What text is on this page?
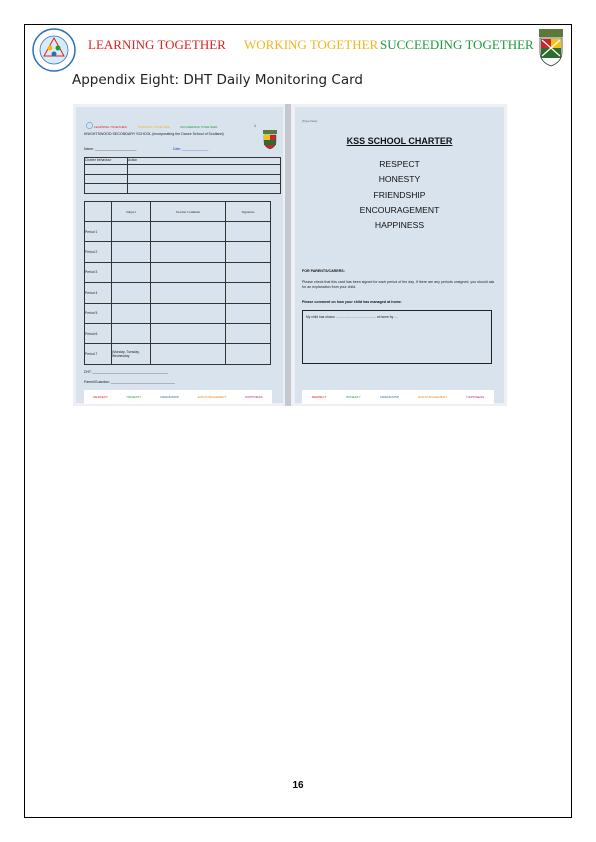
LEARNING TOGETHER WORKING TOGETHER SUCCEEDING TOGETHER
Appendix Eight: DHT Daily Monitoring Card
LEARNING TOGETHER	WORKING TOGETHER	SUCCEEDING TOGETHER	1
KNIGHTSWOOD SECONDARY SCHOOL (incorporating the Dance School of Scotland)
Name: ______________________	Date: ______________
Charter behaviour	Action

	Subject	Teacher Comment	Signature
Period 1			
Period 2			
Period 3			
Period 4			
Period 5			
Period 6			
Period 7	(Monday, Tuesday, Wednesday		
DHT: ________________________________________
Parent/Guardian: __________________________________
RESPECT	HONESTY	FRIENDSHIP	ENCOURAGEMENT	HAPPINESS
(Type here)
KSS SCHOOL CHARTER
RESPECT
HONESTY
FRIENDSHIP
ENCOURAGEMENT
HAPPINESS
FOR PARENTS/CARERS:
Please check that this card has been signed for each period of the day. If there are any periods unsigned, you should ask for an explanation from your child.
Please comment on how your child has managed at home.
My child has shown ............................................ at home by ....
RESPECT	HONESTY	FRIENDSHIP	ENCOURAGEMENT	HAPPINESS
16
